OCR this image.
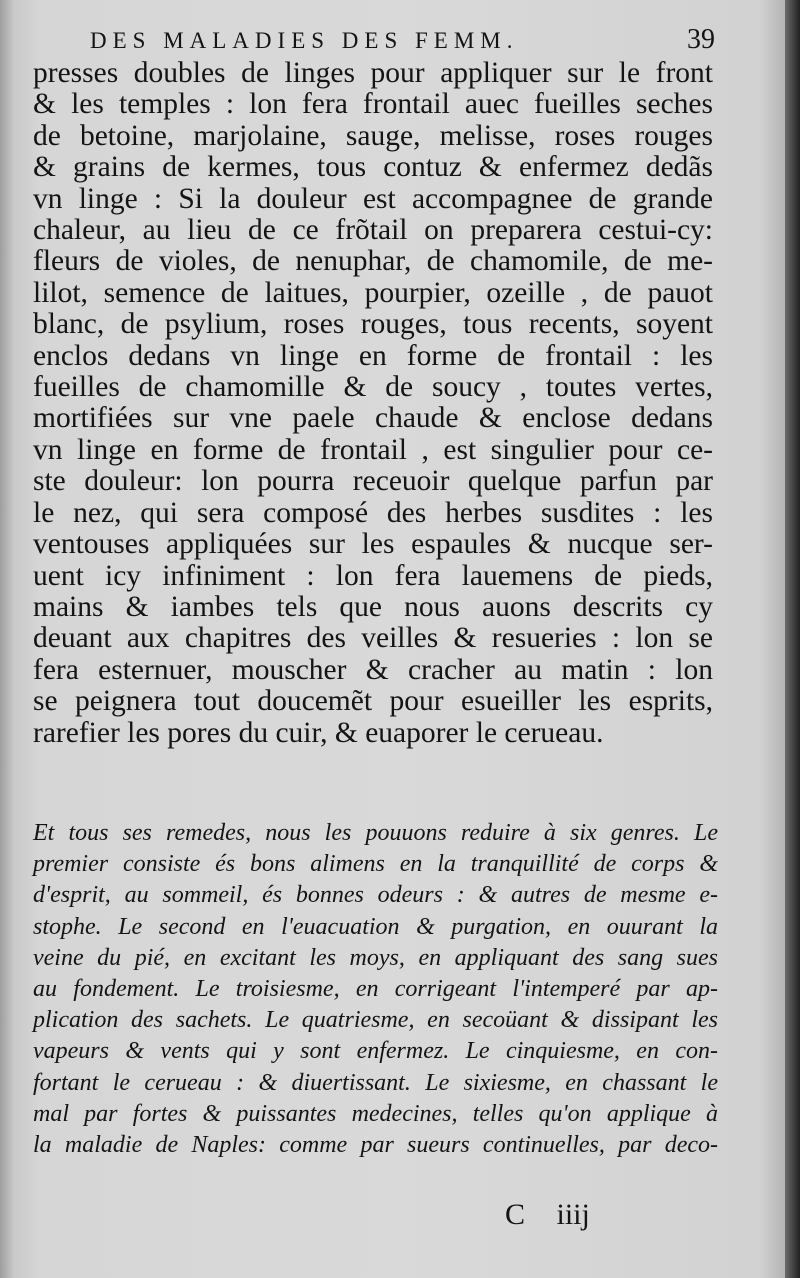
DES MALADIES DES FEMM.	39
presses doubles de linges pour appliquer sur le front
& les temples : lon fera frontail auec fueilles seches
de betoine, marjolaine, sauge, melisse, roses rouges
& grains de kermes, tous contuz & enfermez dedãs
vn linge : Si la douleur est accompagnee de grande
chaleur, au lieu de ce frõtail on preparera cestui-cy:
fleurs de violes, de nenuphar, de chamomile, de me-
lilot, semence de laitues, pourpier, ozeille , de pauot
blanc, de psylium, roses rouges, tous recents, soyent
enclos dedans vn linge en forme de frontail : les
fueilles de chamomille & de soucy , toutes vertes,
mortifiées sur vne paele chaude & enclose dedans
vn linge en forme de frontail , est singulier pour ce-
ste douleur: lon pourra receuoir quelque parfun par
le nez, qui sera composé des herbes susdites : les
ventouses appliquées sur les espaules & nucque ser-
uent icy infiniment : lon fera lauemens de pieds,
mains & iambes tels que nous auons descrits cy
deuant aux chapitres des veilles & resueries : lon se
fera esternuer, mouscher & cracher au matin : lon
se peignera tout doucemẽt pour esueiller les esprits,
rarefier les pores du cuir, & euaporer le cerueau.
Et tous ses remedes, nous les pouuons reduire à six genres. Le
premier consiste és bons alimens en la tranquillité de corps &
d'esprit, au sommeil, és bonnes odeurs : & autres de mesme e-
stophe. Le second en l'euacuation & purgation, en ouurant la
veine du pié, en excitant les moys, en appliquant des sang sues
au fondement. Le troisiesme, en corrigeant l'intemperé par ap-
plication des sachets. Le quatriesme, en secoüant & dissipant les
vapeurs & vents qui y sont enfermez. Le cinquiesme, en con-
fortant le cerueau : & diuertissant. Le sixiesme, en chassant le
mal par fortes & puissantes medecines, telles qu'on applique à
la maladie de Naples: comme par sueurs continuelles, par deco-
C iiij
